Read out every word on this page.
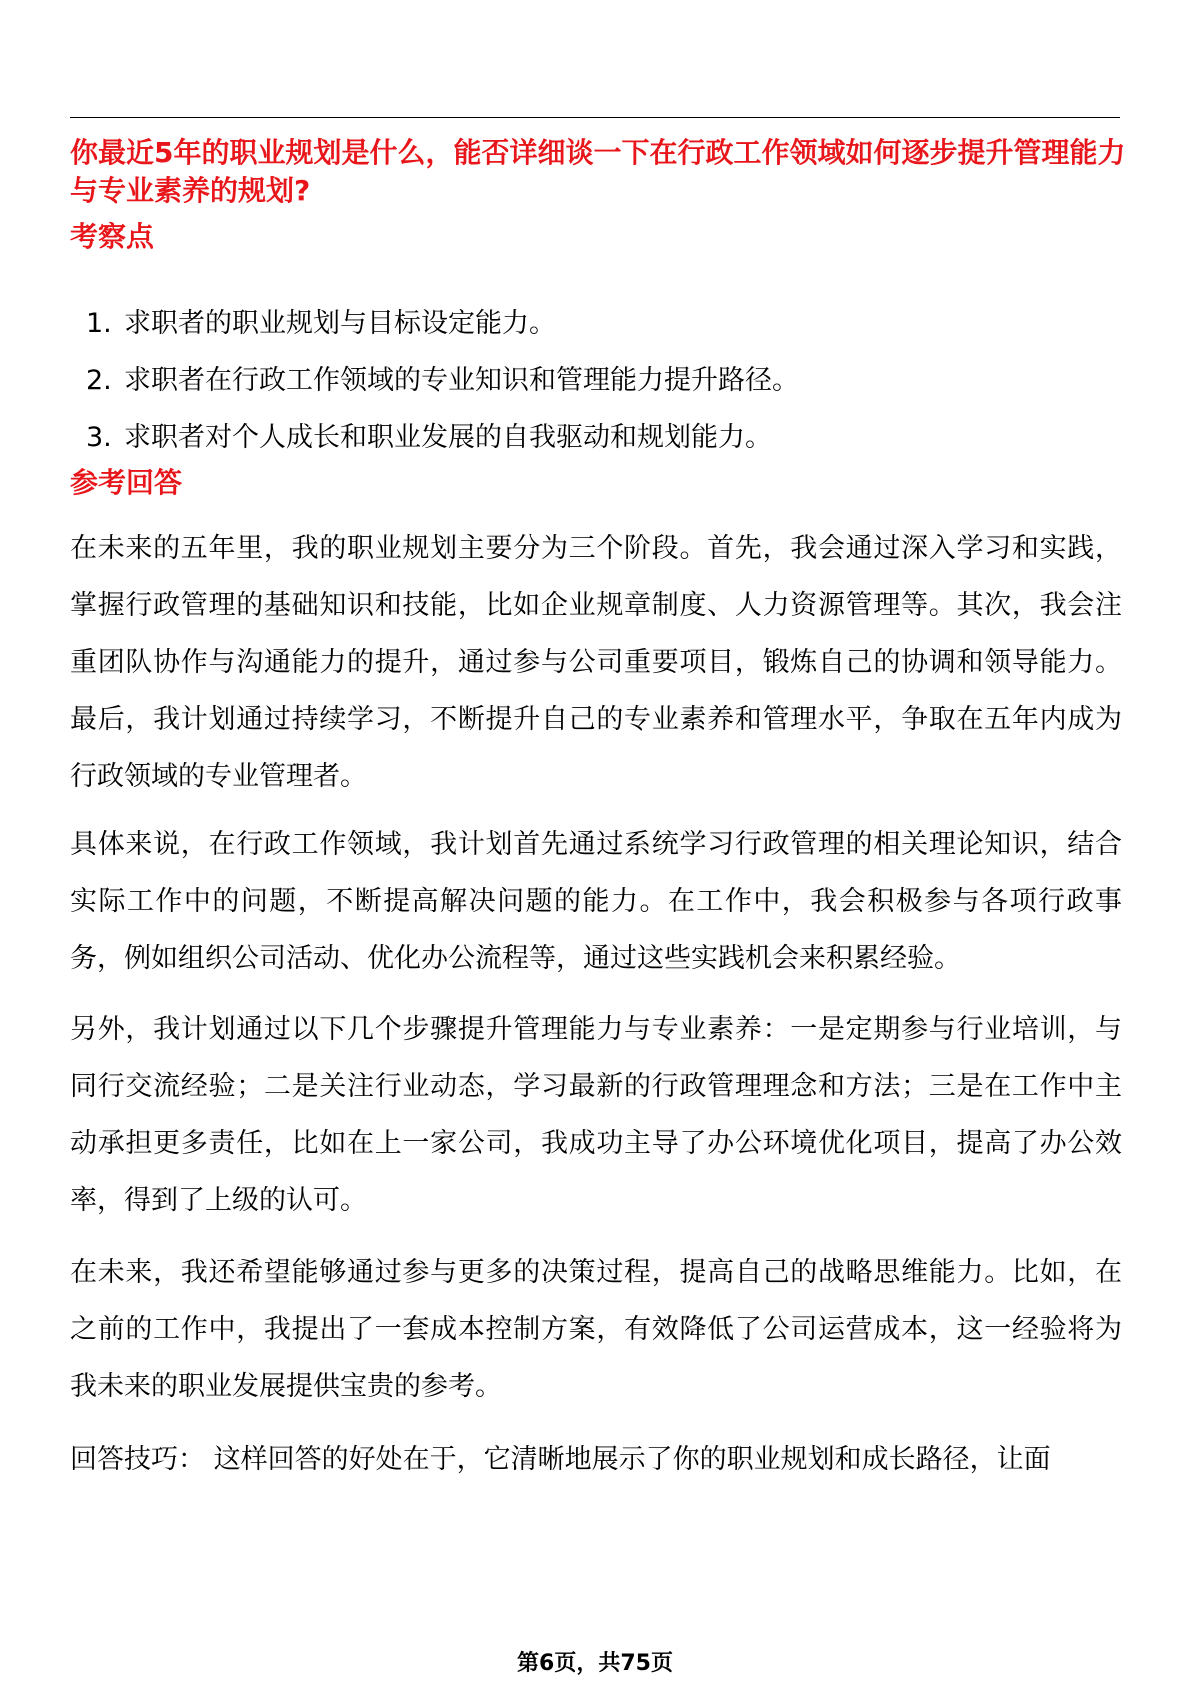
你最近5年的职业规划是什么，能否详细谈一下在行政工作领域如何逐步提升管理能力与专业素养的规划?
考察点
1. 求职者的职业规划与目标设定能力。
2. 求职者在行政工作领域的专业知识和管理能力提升路径。
3. 求职者对个人成长和职业发展的自我驱动和规划能力。
参考回答

在未来的五年里，我的职业规划主要分为三个阶段。首先，我会通过深入学习和实践，掌握行政管理的基础知识和技能，比如企业规章制度、人力资源管理等。其次，我会注重团队协作与沟通能力的提升，通过参与公司重要项目，锻炼自己的协调和领导能力。最后，我计划通过持续学习，不断提升自己的专业素养和管理水平，争取在五年内成为行政领域的专业管理者。

具体来说，在行政工作领域，我计划首先通过系统学习行政管理的相关理论知识，结合实际工作中的问题，不断提高解决问题的能力。在工作中，我会积极参与各项行政事务，例如组织公司活动、优化办公流程等，通过这些实践机会来积累经验。

另外，我计划通过以下几个步骤提升管理能力与专业素养：一是定期参与行业培训，与同行交流经验；二是关注行业动态，学习最新的行政管理理念和方法；三是在工作中主动承担更多责任，比如在上一家公司，我成功主导了办公环境优化项目，提高了办公效率，得到了上级的认可。

在未来，我还希望能够通过参与更多的决策过程，提高自己的战略思维能力。比如，在之前的工作中，我提出了一套成本控制方案，有效降低了公司运营成本，这一经验将为我未来的职业发展提供宝贵的参考。

回答技巧： 这样回答的好处在于，它清晰地展示了你的职业规划和成长路径，让面

第6页，共75页
